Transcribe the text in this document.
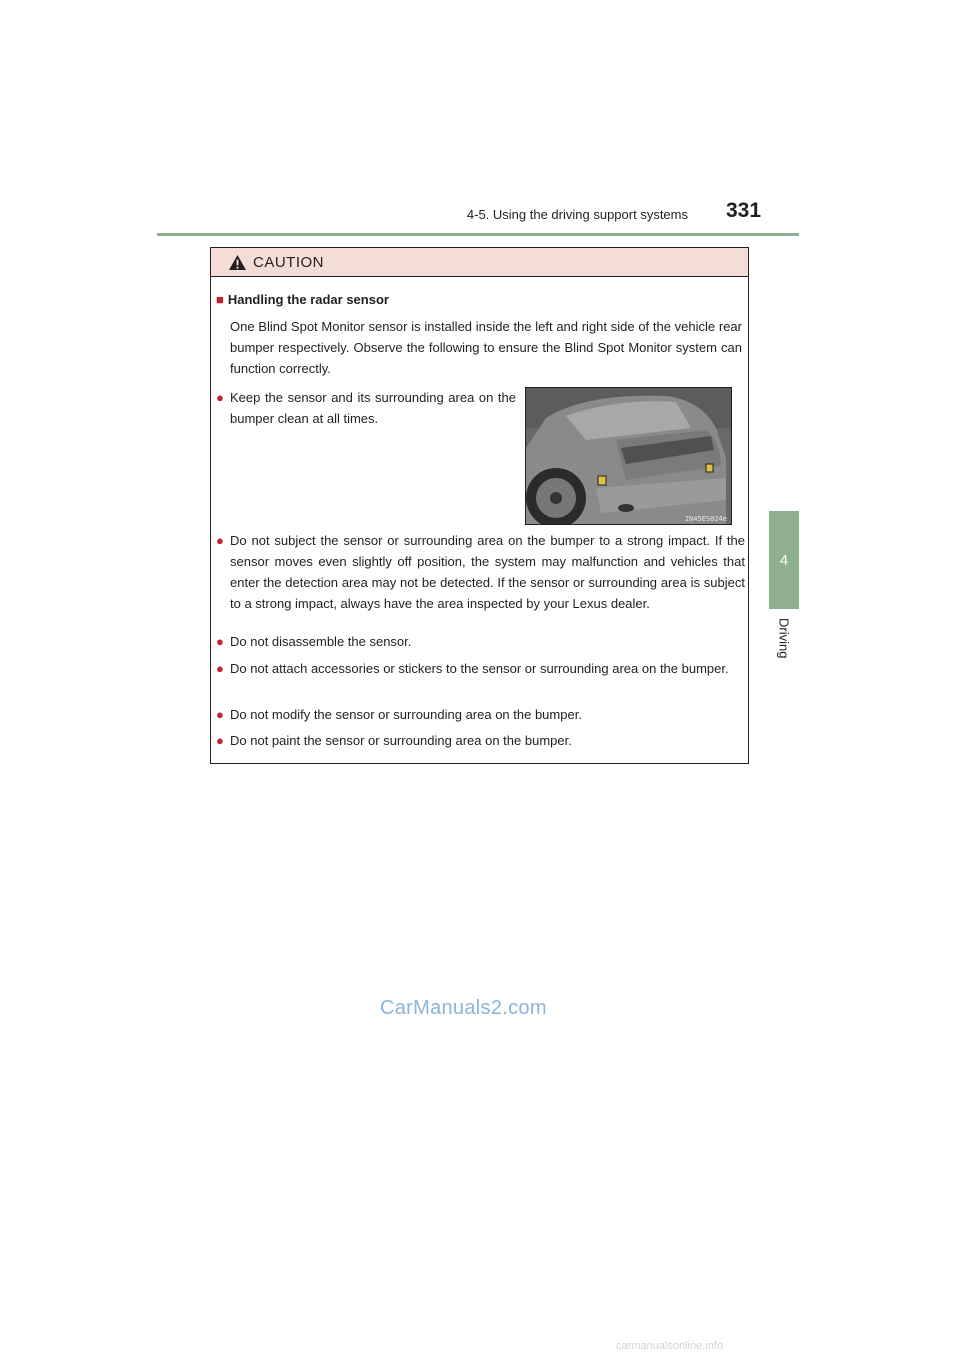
4-5. Using the driving support systems 331
4
Driving
CAUTION
■ Handling the radar sensor
One Blind Spot Monitor sensor is installed inside the left and right side of the vehicle rear bumper respectively. Observe the following to ensure the Blind Spot Monitor system can function correctly.
● Keep the sensor and its surrounding area on the bumper clean at all times.
IN45ES024e
● Do not subject the sensor or surrounding area on the bumper to a strong impact. If the sensor moves even slightly off position, the system may malfunction and vehicles that enter the detection area may not be detected. If the sensor or surrounding area is subject to a strong impact, always have the area inspected by your Lexus dealer.
● Do not disassemble the sensor.
● Do not attach accessories or stickers to the sensor or surrounding area on the bumper.
● Do not modify the sensor or surrounding area on the bumper.
● Do not paint the sensor or surrounding area on the bumper.
CarManuals2.com
carmanualsonline.info
